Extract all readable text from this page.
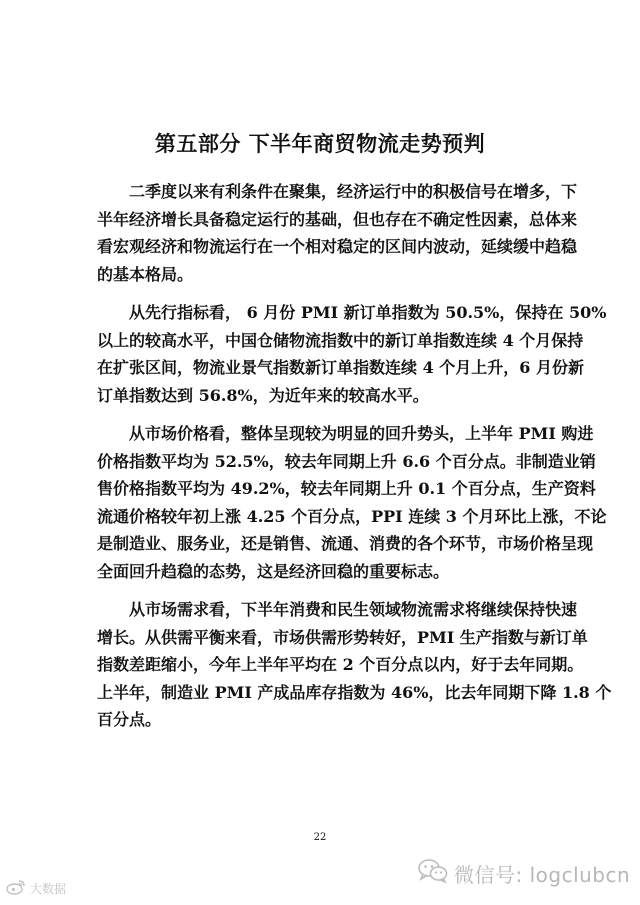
第五部分 下半年商贸物流走势预判
二季度以来有利条件在聚集，经济运行中的积极信号在增多，下
半年经济增长具备稳定运行的基础，但也存在不确定性因素，总体来
看宏观经济和物流运行在一个相对稳定的区间内波动，延续缓中趋稳
的基本格局。
从先行指标看， 6 月份 PMI 新订单指数为 50.5%，保持在 50%
以上的较高水平，中国仓储物流指数中的新订单指数连续 4 个月保持
在扩张区间，物流业景气指数新订单指数连续 4 个月上升，6 月份新
订单指数达到 56.8%，为近年来的较高水平。
从市场价格看，整体呈现较为明显的回升势头，上半年 PMI 购进
价格指数平均为 52.5%，较去年同期上升 6.6 个百分点。非制造业销
售价格指数平均为 49.2%，较去年同期上升 0.1 个百分点，生产资料
流通价格较年初上涨 4.25 个百分点，PPI 连续 3 个月环比上涨，不论
是制造业、服务业，还是销售、流通、消费的各个环节，市场价格呈现
全面回升趋稳的态势，这是经济回稳的重要标志。
从市场需求看，下半年消费和民生领域物流需求将继续保持快速
增长。从供需平衡来看，市场供需形势转好，PMI 生产指数与新订单
指数差距缩小，今年上半年平均在 2 个百分点以内，好于去年同期。
上半年，制造业 PMI 产成品库存指数为 46%，比去年同期下降 1.8 个
百分点。
22
微信号: logclubcn
大数据
